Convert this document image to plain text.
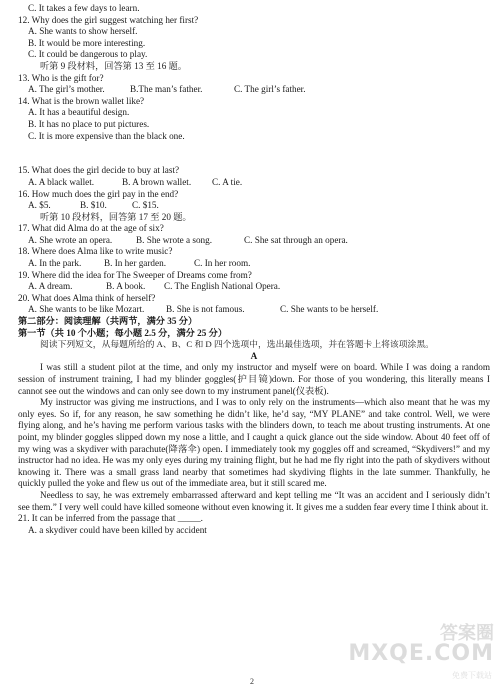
C. It takes a few days to learn.
12. Why does the girl suggest watching her first?
A. She wants to show herself.
B. It would be more interesting.
C. It could be dangerous to play.
听第 9 段材料，回答第 13 至 16 题。
13. Who is the gift for?
A. The girl’s mother.	B.The man’s father.	C. The girl’s father.
14. What is the brown wallet like?
A. It has a beautiful design.
B. It has no place to put pictures.
C. It is more expensive than the black one.
15. What does the girl decide to buy at last?
A. A black wallet.	B. A brown wallet.	C. A tie.
16. How much does the girl pay in the end?
A. $5.	B. $10.	C. $15.
听第 10 段材料，回答第 17 至 20 题。
17. What did Alma do at the age of six?
A. She wrote an opera.	B. She wrote a song.	C. She sat through an opera.
18. Where does Alma like to write music?
A. In the park.	B. In her garden.	C. In her room.
19. Where did the idea for The Sweeper of Dreams come from?
A. A dream.	B. A book.	C. The English National Opera.
20. What does Alma think of herself?
A. She wants to be like Mozart.	B. She is not famous.	C. She wants to be herself.
第二部分：阅读理解（共两节，满分 35 分）
第一节（共 10 个小题；每小题 2.5 分，满分 25 分）
阅读下列短文，从每题所给的 A、B、C 和 D 四个选项中，选出最佳选项，并在答题卡上将该项涂黑。
A
I was still a student pilot at the time, and only my instructor and myself were on board. While I was doing a random session of instrument training, I had my blinder goggles(护目镜)down. For those of you wondering, this literally means I cannot see out the windows and can only see down to my instrument panel(仪表板).
My instructor was giving me instructions, and I was to only rely on the instruments—which also meant that he was my only eyes. So if, for any reason, he saw something he didn’t like, he’d say, “MY PLANE” and take control. Well, we were flying along, and he’s having me perform various tasks with the blinders down, to teach me about trusting instruments. At one point, my blinder goggles slipped down my nose a little, and I caught a quick glance out the side window. About 40 feet off of my wing was a skydiver with parachute(降落伞) open. I immediately took my goggles off and screamed, “Skydivers!” and my instructor had no idea. He was my only eyes during my training flight, but he had me fly right into the path of skydivers without knowing it. There was a small grass land nearby that sometimes had skydiving flights in the late summer. Thankfully, he quickly pulled the yoke and flew us out of the immediate area, but it still scared me.
Needless to say, he was extremely embarrassed afterward and kept telling me “It was an accident and I seriously didn’t see them.” I very well could have killed someone without even knowing it. It gives me a sudden fear every time I think about it.
21. It can be inferred from the passage that _____.
A. a skydiver could have been killed by accident
2
答案圈
MXQE.COM
免费下载站
